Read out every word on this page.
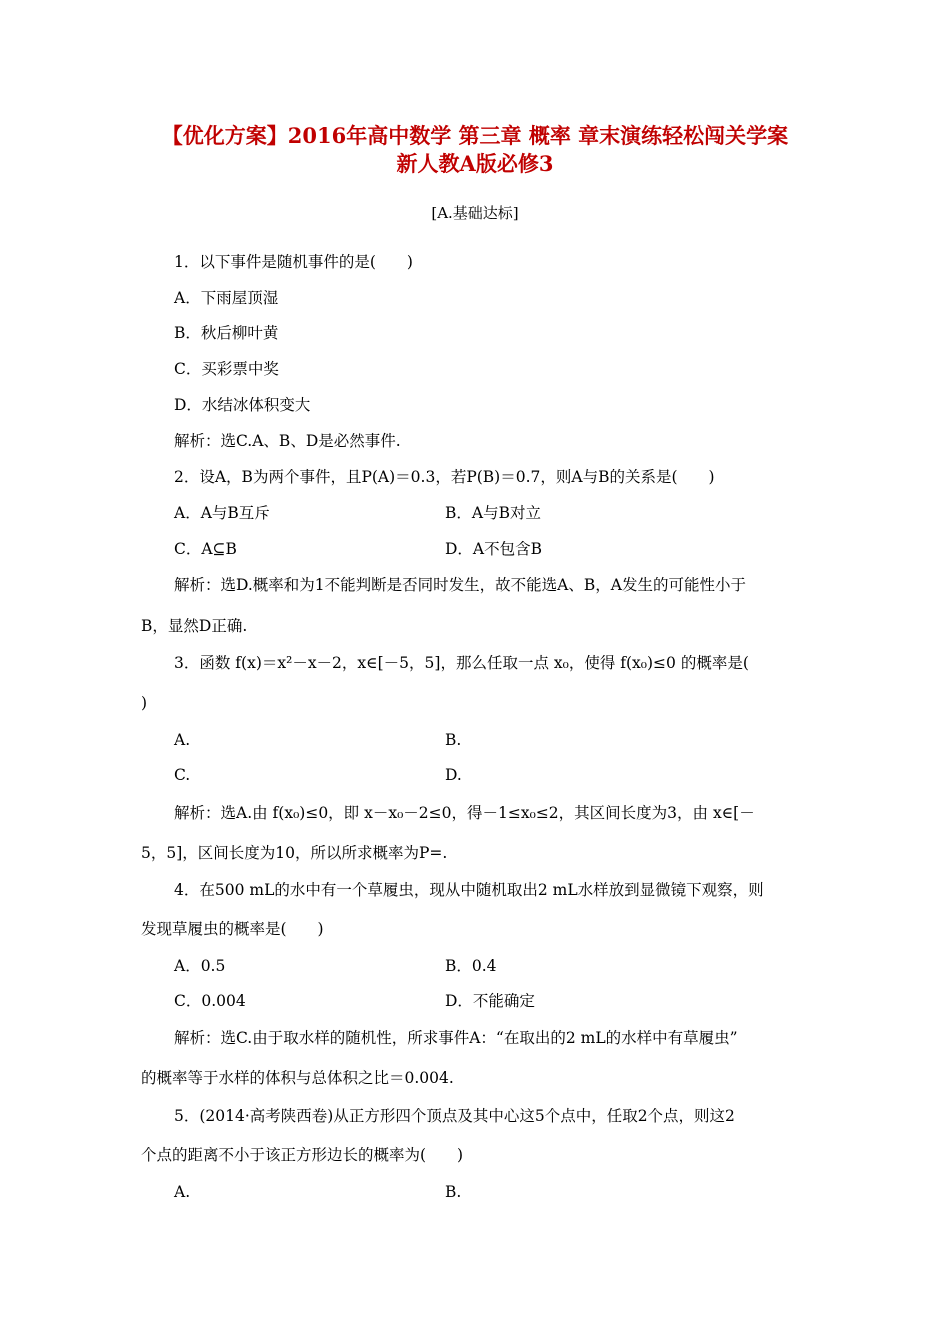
【优化方案】2016年高中数学 第三章 概率 章末演练轻松闯关学案
新人教A版必修3
[A.基础达标]
1．以下事件是随机事件的是(　　)
A．下雨屋顶湿
B．秋后柳叶黄
C．买彩票中奖
D．水结冰体积变大
解析：选C.A、B、D是必然事件.
2．设A，B为两个事件，且P(A)＝0.3，若P(B)＝0.7，则A与B的关系是(　　)
A．A与B互斥	B．A与B对立
C．A⊆B	D．A不包含B
解析：选D.概率和为1不能判断是否同时发生，故不能选A、B，A发生的可能性小于
B，显然D正确.
3．函数 f(x)＝x²－x－2，x∈[－5，5]，那么任取一点 x₀，使得 f(x₀)≤0 的概率是(
)
A.	B.
C.	D.
解析：选A.由 f(x₀)≤0，即 x－x₀－2≤0，得－1≤x₀≤2，其区间长度为3，由 x∈[－
5，5]，区间长度为10，所以所求概率为P=.
4．在500 mL的水中有一个草履虫，现从中随机取出2 mL水样放到显微镜下观察，则
发现草履虫的概率是(　　)
A．0.5	B．0.4
C．0.004	D．不能确定
解析：选C.由于取水样的随机性，所求事件A：“在取出的2 mL的水样中有草履虫”
的概率等于水样的体积与总体积之比＝0.004.
5．(2014·高考陕西卷)从正方形四个顶点及其中心这5个点中，任取2个点，则这2
个点的距离不小于该正方形边长的概率为(　　)
A.	B.
